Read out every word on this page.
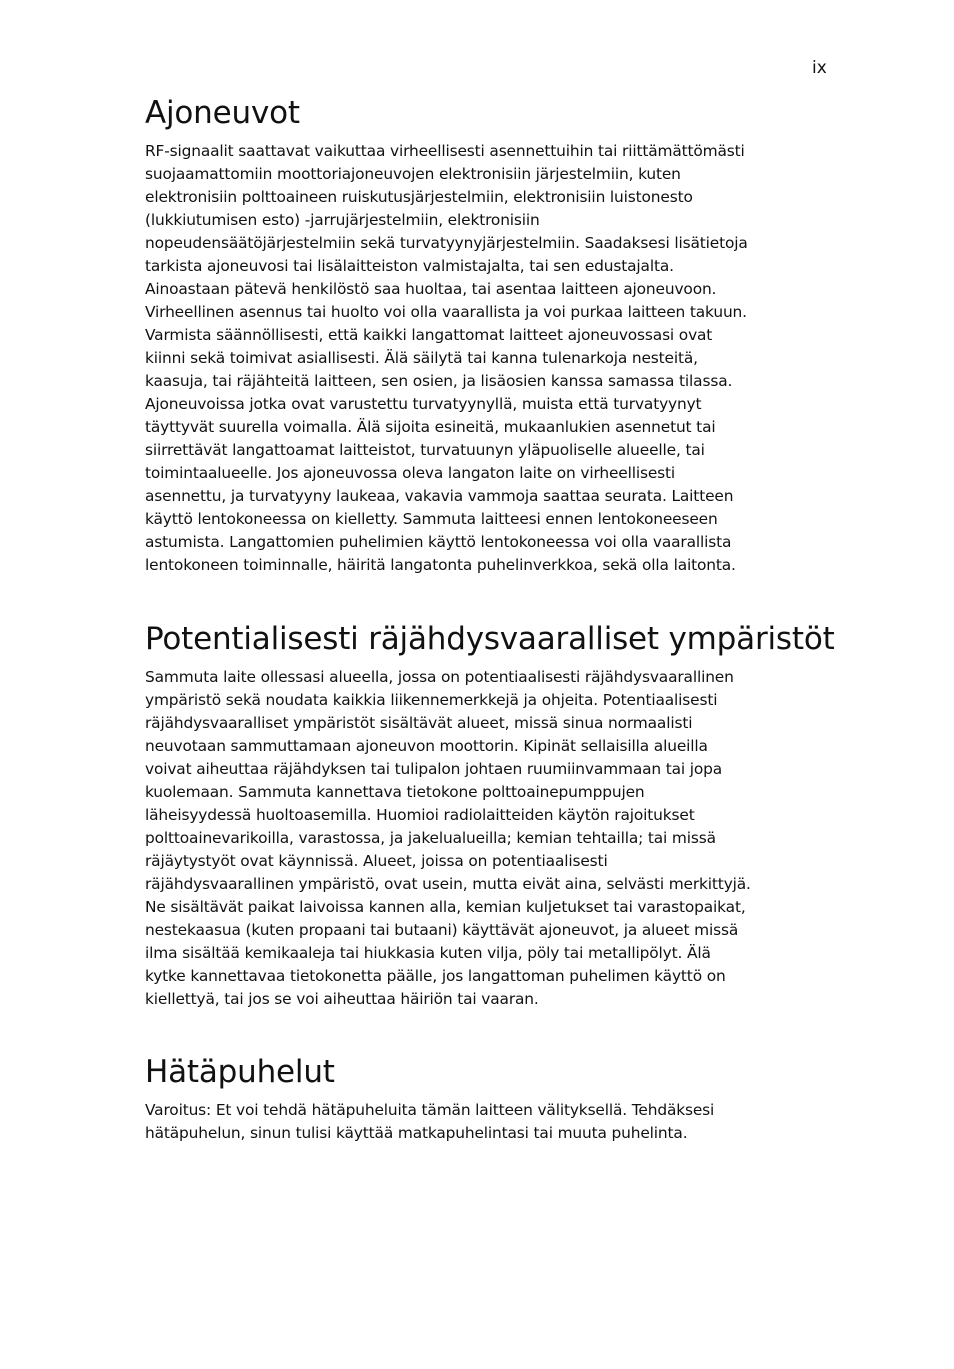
ix
Ajoneuvot
RF-signaalit saattavat vaikuttaa virheellisesti asennettuihin tai riittämättömästi
suojaamattomiin moottoriajoneuvojen elektronisiin järjestelmiin, kuten
elektronisiin polttoaineen ruiskutusjärjestelmiin, elektronisiin luistonesto
(lukkiutumisen esto) -jarrujärjestelmiin, elektronisiin
nopeudensäätöjärjestelmiin sekä turvatyynyjärjestelmiin. Saadaksesi lisätietoja
tarkista ajoneuvosi tai lisälaitteiston valmistajalta, tai sen edustajalta.
Ainoastaan pätevä henkilöstö saa huoltaa, tai asentaa laitteen ajoneuvoon.
Virheellinen asennus tai huolto voi olla vaarallista ja voi purkaa laitteen takuun.
Varmista säännöllisesti, että kaikki langattomat laitteet ajoneuvossasi ovat
kiinni sekä toimivat asiallisesti. Älä säilytä tai kanna tulenarkoja nesteitä,
kaasuja, tai räjähteitä laitteen, sen osien, ja lisäosien kanssa samassa tilassa.
Ajoneuvoissa jotka ovat varustettu turvatyynyllä, muista että turvatyynyt
täyttyvät suurella voimalla. Älä sijoita esineitä, mukaanlukien asennetut tai
siirrettävät langattoamat laitteistot, turvatuunyn yläpuoliselle alueelle, tai
toimintaalueelle. Jos ajoneuvossa oleva langaton laite on virheellisesti
asennettu, ja turvatyyny laukeaa, vakavia vammoja saattaa seurata. Laitteen
käyttö lentokoneessa on kielletty. Sammuta laitteesi ennen lentokoneeseen
astumista. Langattomien puhelimien käyttö lentokoneessa voi olla vaarallista
lentokoneen toiminnalle, häiritä langatonta puhelinverkkoa, sekä olla laitonta.
Potentialisesti räjähdysvaaralliset ympäristöt
Sammuta laite ollessasi alueella, jossa on potentiaalisesti räjähdysvaarallinen
ympäristö sekä noudata kaikkia liikennemerkkejä ja ohjeita. Potentiaalisesti
räjähdysvaaralliset ympäristöt sisältävät alueet, missä sinua normaalisti
neuvotaan sammuttamaan ajoneuvon moottorin. Kipinät sellaisilla alueilla
voivat aiheuttaa räjähdyksen tai tulipalon johtaen ruumiinvammaan tai jopa
kuolemaan. Sammuta kannettava tietokone polttoainepumppujen
läheisyydessä huoltoasemilla. Huomioi radiolaitteiden käytön rajoitukset
polttoainevarikoilla, varastossa, ja jakelualueilla; kemian tehtailla; tai missä
räjäytystyöt ovat käynnissä. Alueet, joissa on potentiaalisesti
räjähdysvaarallinen ympäristö, ovat usein, mutta eivät aina, selvästi merkittyjä.
Ne sisältävät paikat laivoissa kannen alla, kemian kuljetukset tai varastopaikat,
nestekaasua (kuten propaani tai butaani) käyttävät ajoneuvot, ja alueet missä
ilma sisältää kemikaaleja tai hiukkasia kuten vilja, pöly tai metallipölyt. Älä
kytke kannettavaa tietokonetta päälle, jos langattoman puhelimen käyttö on
kiellettyä, tai jos se voi aiheuttaa häiriön tai vaaran.
Hätäpuhelut
Varoitus: Et voi tehdä hätäpuheluita tämän laitteen välityksellä. Tehdäksesi
hätäpuhelun, sinun tulisi käyttää matkapuhelintasi tai muuta puhelinta.
